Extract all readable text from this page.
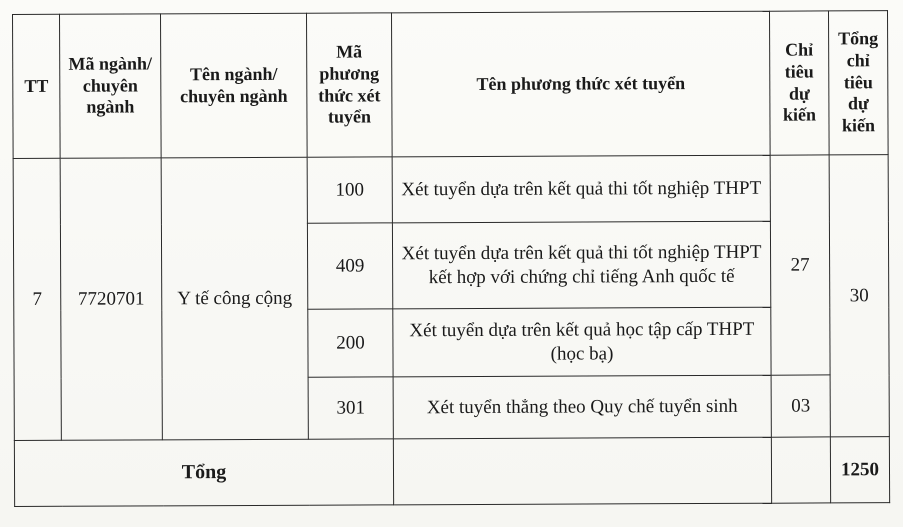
TT	Mã ngành/ chuyên ngành	Tên ngành/ chuyên ngành	Mã phương thức xét tuyển	Tên phương thức xét tuyển	Chỉ tiêu dự kiến	Tổng chỉ tiêu dự kiến
7	7720701	Y tế công cộng	100	Xét tuyển dựa trên kết quả thi tốt nghiệp THPT	27	30
			409	Xét tuyển dựa trên kết quả thi tốt nghiệp THPT kết hợp với chứng chỉ tiếng Anh quốc tế		
			200	Xét tuyển dựa trên kết quả học tập cấp THPT (học bạ)		
			301	Xét tuyển thẳng theo Quy chế tuyển sinh	03	
Tổng						1250
